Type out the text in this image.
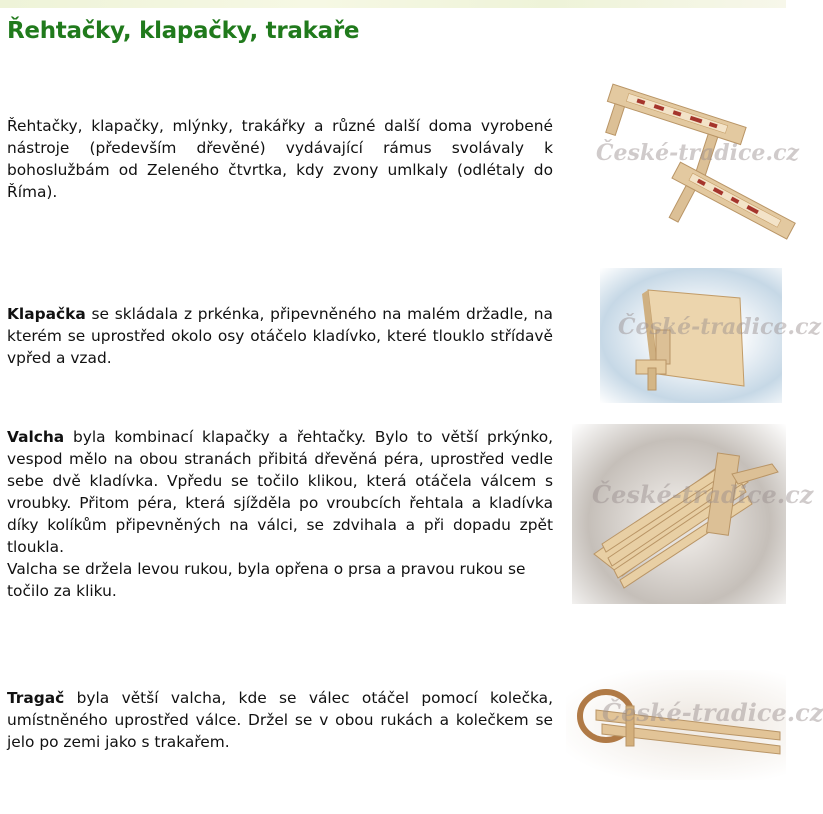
Řehtačky, klapačky, trakaře

Řehtačky, klapačky, mlýnky, trakářky a různé další doma vyrobené nástroje (především dřevěné) vydávající rámus svolávaly k bohoslužbám od Zeleného čtvrtka, kdy zvony umlkaly (odlétaly do Říma).

České-tradice.cz

Klapačka se skládala z prkénka, připevněného na malém držadle, na kterém se uprostřed okolo osy otáčelo kladívko, které tlouklo střídavě vpřed a vzad.

České-tradice.cz
Valcha byla kombinací klapačky a řehtačky. Bylo to větší prkýnko, vespod mělo na obou stranách přibitá dřevěná péra, uprostřed vedle sebe dvě kladívka. Vpředu se točilo klikou, která otáčela válcem s vroubky. Přitom péra, která sjížděla po vroubcích řehtala a kladívka díky kolíkům připevněných na válci, se zdvihala a při dopadu zpět tloukla.
Valcha se držela levou rukou, byla opřena o prsa a pravou rukou se točilo za kliku.
České-tradice.cz

Tragač byla větší valcha, kde se válec otáčel pomocí kolečka, umístněného uprostřed válce. Držel se v obou rukách a kolečkem se jelo po zemi jako s trakařem.

České-tradice.cz
